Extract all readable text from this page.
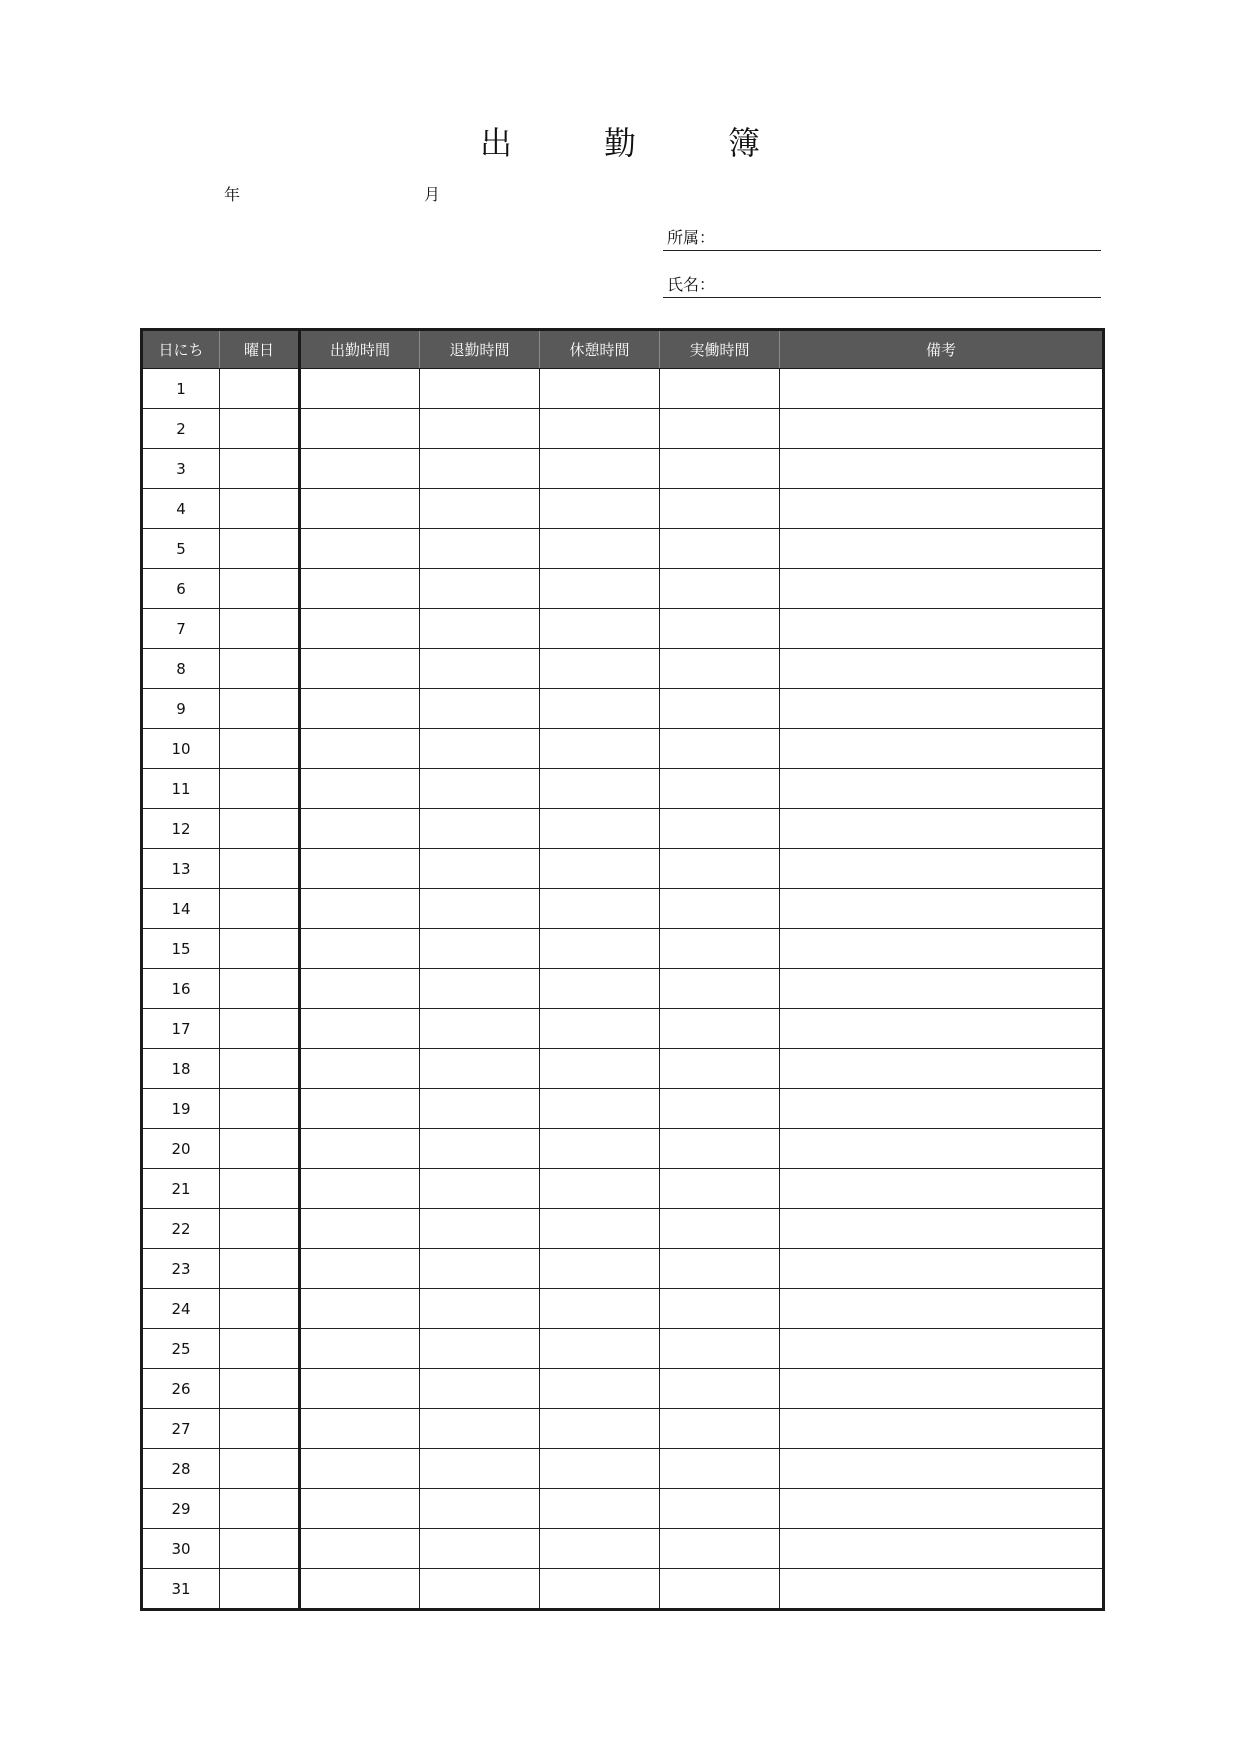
出　勤　簿
年	月
所属：
氏名：
日にち	曜日	出勤時間	退勤時間	休憩時間	実働時間	備考
1						
2						
3						
4						
5						
6						
7						
8						
9						
10						
11						
12						
13						
14						
15						
16						
17						
18						
19						
20						
21						
22						
23						
24						
25						
26						
27						
28						
29						
30						
31						
